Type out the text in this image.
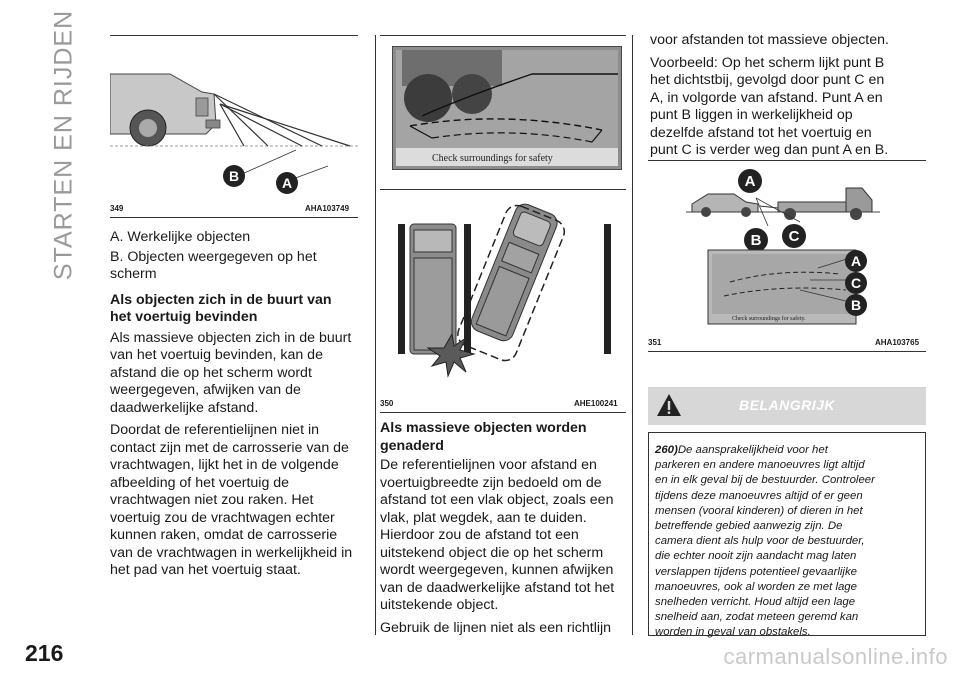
STARTEN EN RIJDEN	B	A
349	AHA103749
A. Werkelijke objecten
B. Objecten weergegeven op het
scherm
Als objecten zich in de buurt van
het voertuig bevinden
Als massieve objecten zich in de buurt
van het voertuig bevinden, kan de
afstand die op het scherm wordt
weergegeven, afwijken van de
daadwerkelijke afstand.
Doordat de referentielijnen niet in
contact zijn met de carrosserie van de
vrachtwagen, lijkt het in de volgende
afbeelding of het voertuig de
vrachtwagen niet zou raken. Het
voertuig zou de vrachtwagen echter
kunnen raken, omdat de carrosserie
van de vrachtwagen in werkelijkheid in
het pad van het voertuig staat.
Check surroundings for safety
350	AHE100241
Als massieve objecten worden
genaderd
De referentielijnen voor afstand en
voertuigbreedte zijn bedoeld om de
afstand tot een vlak object, zoals een
vlak, plat wegdek, aan te duiden.
Hierdoor zou de afstand tot een
uitstekend object die op het scherm
wordt weergegeven, kunnen afwijken
van de daadwerkelijke afstand tot het
uitstekende object.
Gebruik de lijnen niet als een richtlijn
voor afstanden tot massieve objecten.
Voorbeeld: Op het scherm lijkt punt B
het dichtstbij, gevolgd door punt C en
A, in volgorde van afstand. Punt A en
punt B liggen in werkelijkheid op
dezelfde afstand tot het voertuig en
punt C is verder weg dan punt A en B.
A
B C
Check surroundings for safety.
A
C
B
351	AHA103765
BELANGRIJK
260)De aansprakelijkheid voor het
parkeren en andere manoeuvres ligt altijd
en in elk geval bij de bestuurder. Controleer
tijdens deze manoeuvres altijd of er geen
mensen (vooral kinderen) of dieren in het
betreffende gebied aanwezig zijn. De
camera dient als hulp voor de bestuurder,
die echter nooit zijn aandacht mag laten
verslappen tijdens potentieel gevaarlijke
manoeuvres, ook al worden ze met lage
snelheden verricht. Houd altijd een lage
snelheid aan, zodat meteen geremd kan
worden in geval van obstakels.
216	carmanualsonline.info
